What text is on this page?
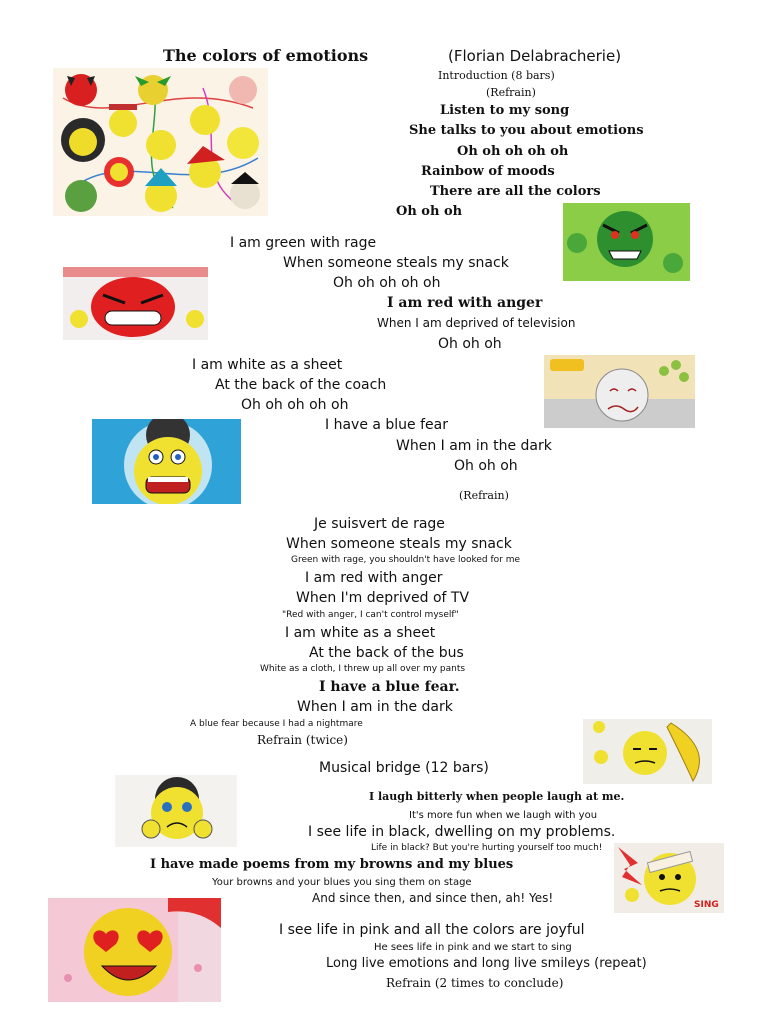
The colors of emotions	(Florian Delabracherie)
Introduction (8 bars)
(Refrain)
Listen to my song
She talks to you about emotions
Oh oh oh oh oh
Rainbow of moods
There are all the colors
Oh oh oh
I am green with rage
When someone steals my snack
Oh oh oh oh oh
I am red with anger
When I am deprived of television
Oh oh oh
I am white as a sheet
At the back of the coach
Oh oh oh oh oh
I have a blue fear
When I am in the dark
Oh oh oh
(Refrain)
Je suisvert de rage
When someone steals my snack
Green with rage, you shouldn't have looked for me
I am red with anger
When I'm deprived of TV
"Red with anger, I can't control myself"
I am white as a sheet
At the back of the bus
White as a cloth, I threw up all over my pants
I have a blue fear.
When I am in the dark
A blue fear because I had a nightmare
Refrain (twice)
Musical bridge (12 bars)
I laugh bitterly when people laugh at me.
It's more fun when we laugh with you
I see life in black, dwelling on my problems.
Life in black? But you're hurting yourself too much!
I have made poems from my browns and my blues
Your browns and your blues you sing them on stage
And since then, and since then, ah! Yes!	SING
I see life in pink and all the colors are joyful
He sees life in pink and we start to sing
Long live emotions and long live smileys (repeat)
Refrain (2 times to conclude)
